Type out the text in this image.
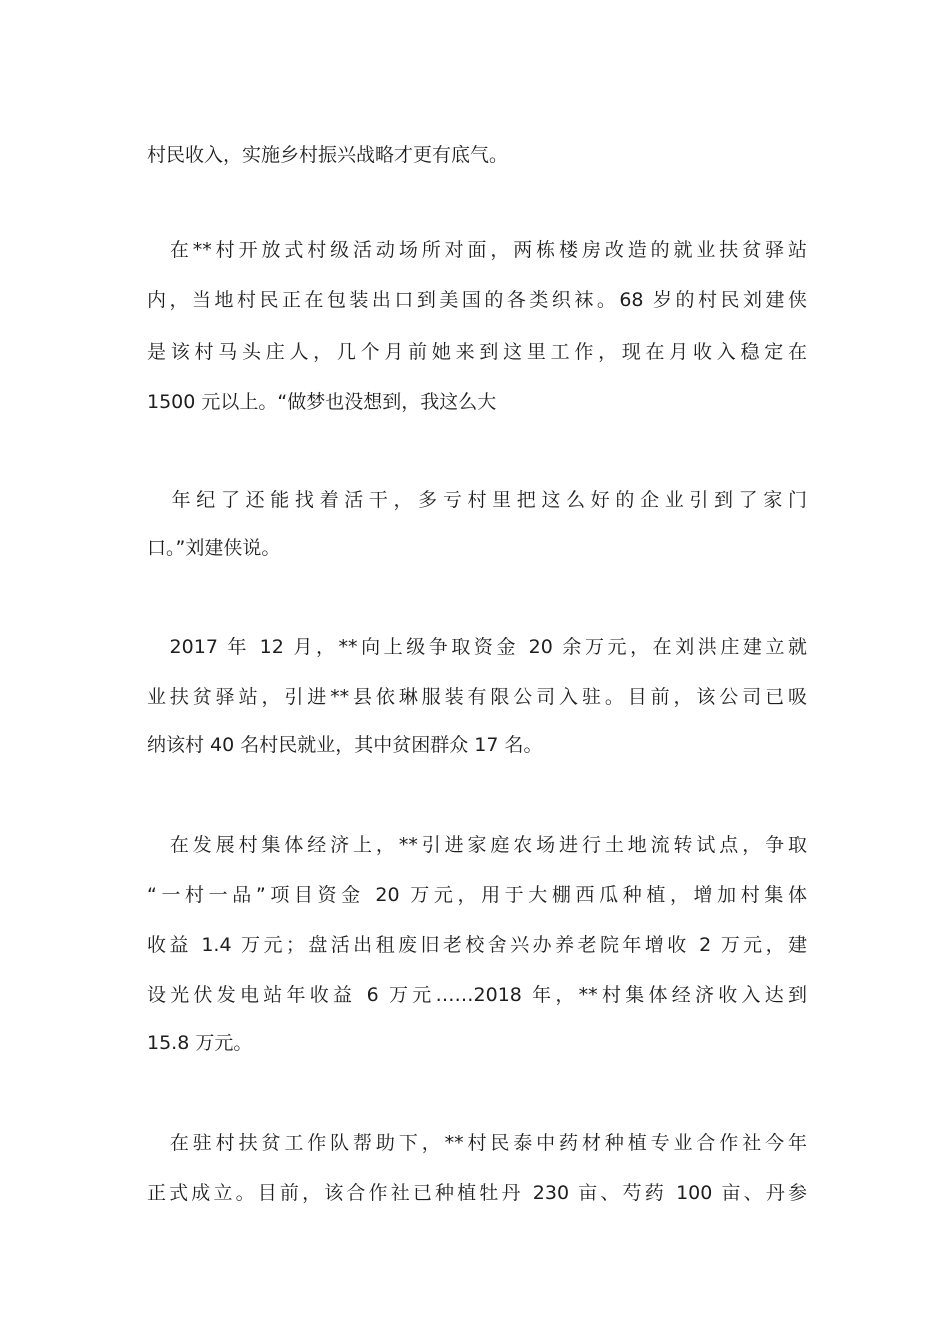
村民收入，实施乡村振兴战略才更有底气。
　在**村开放式村级活动场所对面，两栋楼房改造的就业扶贫驿站
内，当地村民正在包装出口到美国的各类织袜。68 岁的村民刘建侠
是该村马头庄人，几个月前她来到这里工作，现在月收入稳定在
1500 元以上。“做梦也没想到，我这么大
　年纪了还能找着活干，多亏村里把这么好的企业引到了家门
口。”刘建侠说。
　2017 年 12 月，**向上级争取资金 20 余万元，在刘洪庄建立就
业扶贫驿站，引进**县依琳服装有限公司入驻。目前，该公司已吸
纳该村 40 名村民就业，其中贫困群众 17 名。
　在发展村集体经济上，**引进家庭农场进行土地流转试点，争取
“一村一品”项目资金 20 万元，用于大棚西瓜种植，增加村集体
收益 1.4 万元；盘活出租废旧老校舍兴办养老院年增收 2 万元，建
设光伏发电站年收益 6 万元……2018 年，**村集体经济收入达到
15.8 万元。
　在驻村扶贫工作队帮助下，**村民泰中药材种植专业合作社今年
正式成立。目前，该合作社已种植牡丹 230 亩、芍药 100 亩、丹参
